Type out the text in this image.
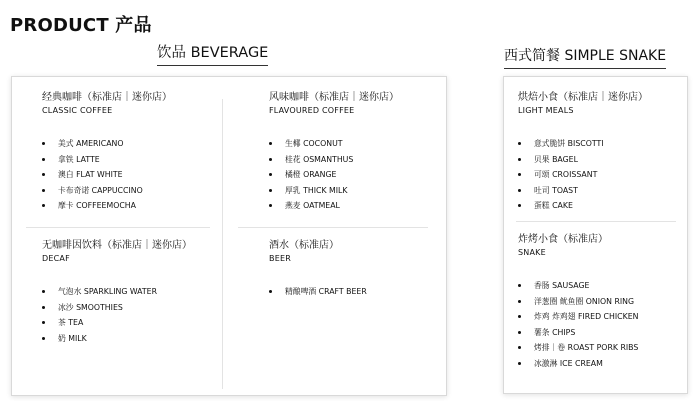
PRODUCT 产品
饮品 BEVERAGE	西式简餐 SIMPLE SNAKE
经典咖啡（标准店｜迷你店）
CLASSIC COFFEE
美式 AMERICANO
拿铁 LATTE
澳白 FLAT WHITE
卡布奇诺 CAPPUCCINO
摩卡 COFFEEMOCHA
风味咖啡（标准店｜迷你店）
FLAVOURED COFFEE
生椰 COCONUT
桂花 OSMANTHUS
橘橙 ORANGE
厚乳 THICK MILK
燕麦 OATMEAL
无咖啡因饮料（标准店｜迷你店）
DECAF
气泡水 SPARKLING WATER
冰沙 SMOOTHIES
茶 TEA
奶 MILK
酒水（标准店）
BEER
精酿啤酒 CRAFT BEER
烘焙小食（标准店｜迷你店）
LIGHT MEALS
意式脆饼 BISCOTTI
贝果 BAGEL
可颂 CROISSANT
吐司 TOAST
蛋糕 CAKE
炸烤小食（标准店）
SNAKE
香肠 SAUSAGE
洋葱圈 鱿鱼圈 ONION RING
炸鸡 炸鸡翅 FIRED CHICKEN
薯条 CHIPS
烤排｜卷 ROAST PORK RIBS
冰激淋 ICE CREAM
